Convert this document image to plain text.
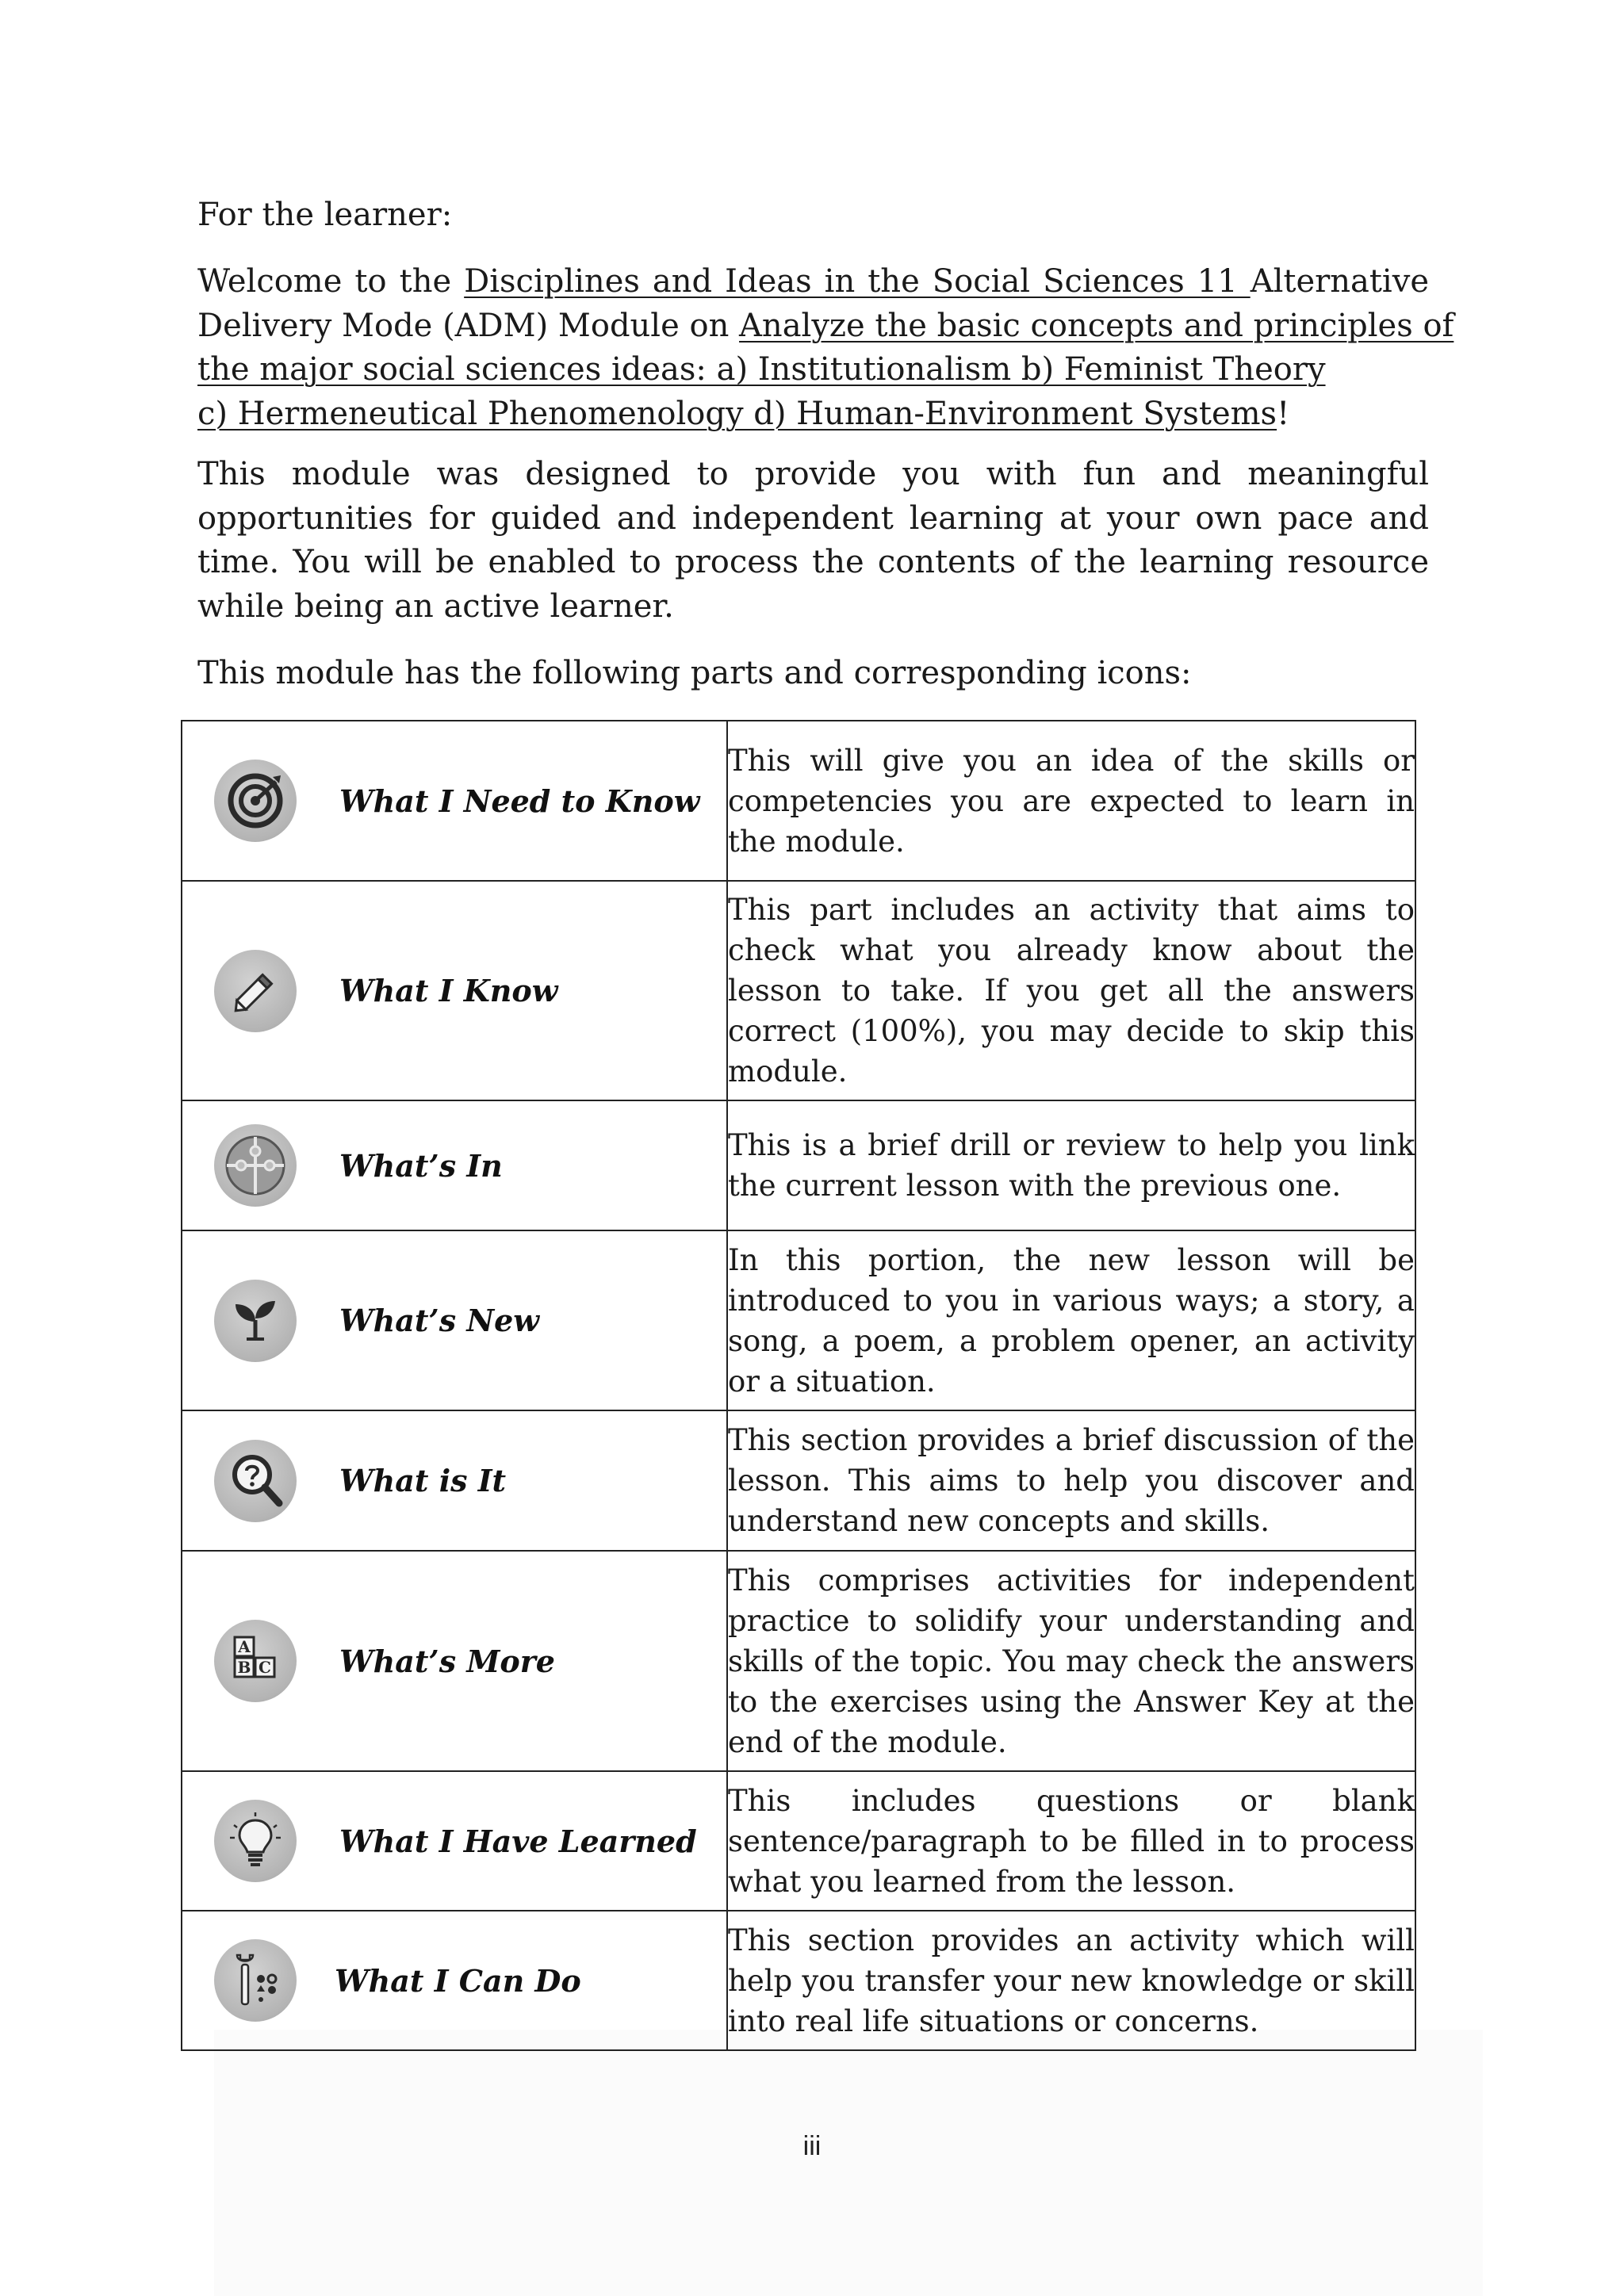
For the learner:
Welcome to the Disciplines and Ideas in the Social Sciences 11 Alternative
Delivery Mode (ADM) Module on Analyze the basic concepts and principles of
the major social sciences ideas: a) Institutionalism b) Feminist Theory
c) Hermeneutical Phenomenology d) Human-Environment Systems!
This module was designed to provide you with fun and meaningful
opportunities for guided and independent learning at your own pace and
time. You will be enabled to process the contents of the learning resource
while being an active learner.
This module has the following parts and corresponding icons:
What I Need to Know	This will give you an idea of the skills or competencies you are expected to learn in the module.

What I Know	This part includes an activity that aims to check what you already know about the lesson to take. If you get all the answers correct (100%), you may decide to skip this module.

What’s In	This is a brief drill or review to help you link the current lesson with the previous one.

What’s New	In this portion, the new lesson will be introduced to you in various ways; a story, a song, a poem, a problem opener, an activity or a situation.

What is It	This section provides a brief discussion of the lesson. This aims to help you discover and understand new concepts and skills.

A
B C What’s More	This comprises activities for independent practice to solidify your understanding and skills of the topic. You may check the answers to the exercises using the Answer Key at the end of the module.

What I Have Learned	This includes questions or blank sentence/paragraph to be filled in to process what you learned from the lesson.

What I Can Do	This section provides an activity which will help you transfer your new knowledge or skill into real life situations or concerns.
iii
